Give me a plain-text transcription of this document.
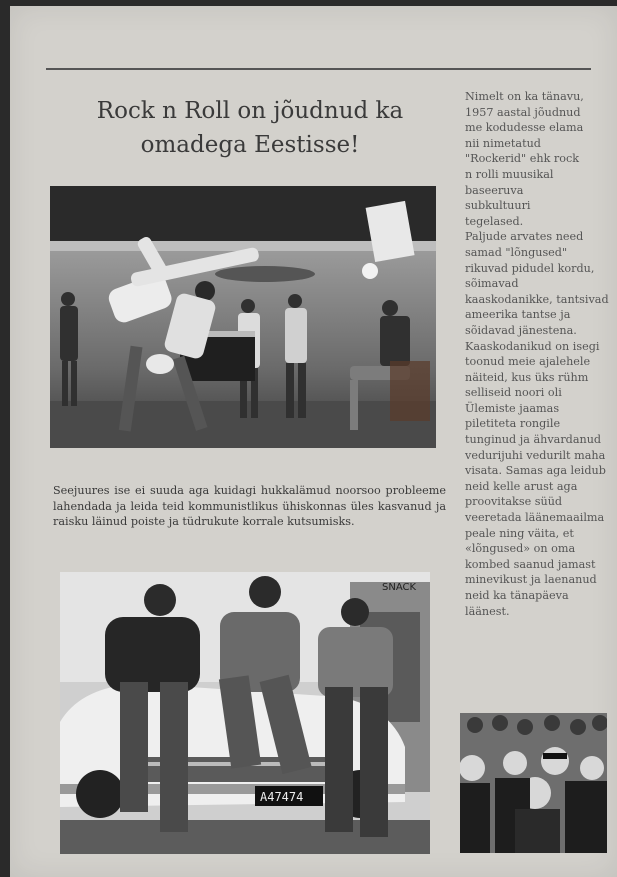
Rock n Roll on jõudnud ka
omadega Eestisse!

Seejuures ise ei suuda aga kuidagi hukkalämud noorsoo probleeme lahendada ja leida teid kommunistlikus ühiskonnas üles kasvanud ja raisku läinud poiste ja tüdrukute korrale kutsumisks.

Nimelt on ka tänavu,
1957 aastal jõudnud
me kodudesse elama
nii nimetatud
"Rockerid" ehk rock
n rolli muusikal
baseeruva
subkultuuri
tegelased.
Paljude arvates need
samad "lõngused"
rikuvad pidudel kordu,
sõimavad
kaaskodanikke, tantsivad
ameerika tantse ja
sõidavad jänestena.
Kaaskodanikud on isegi
toonud meie ajalehele
näiteid, kus üks rühm
selliseid noori oli
Ülemiste jaamas
piletiteta rongile
tunginud ja ähvardanud
vedurijuhi vedurilt maha
visata. Samas aga leidub
neid kelle arust aga
proovitakse süüd
veeretada läänemaailma
peale ning väita, et
«lõngused» on oma
kombed saanud jamast
minevikust ja laenanud
neid ka tänapäeva
läänest.
SNACK
A47474
